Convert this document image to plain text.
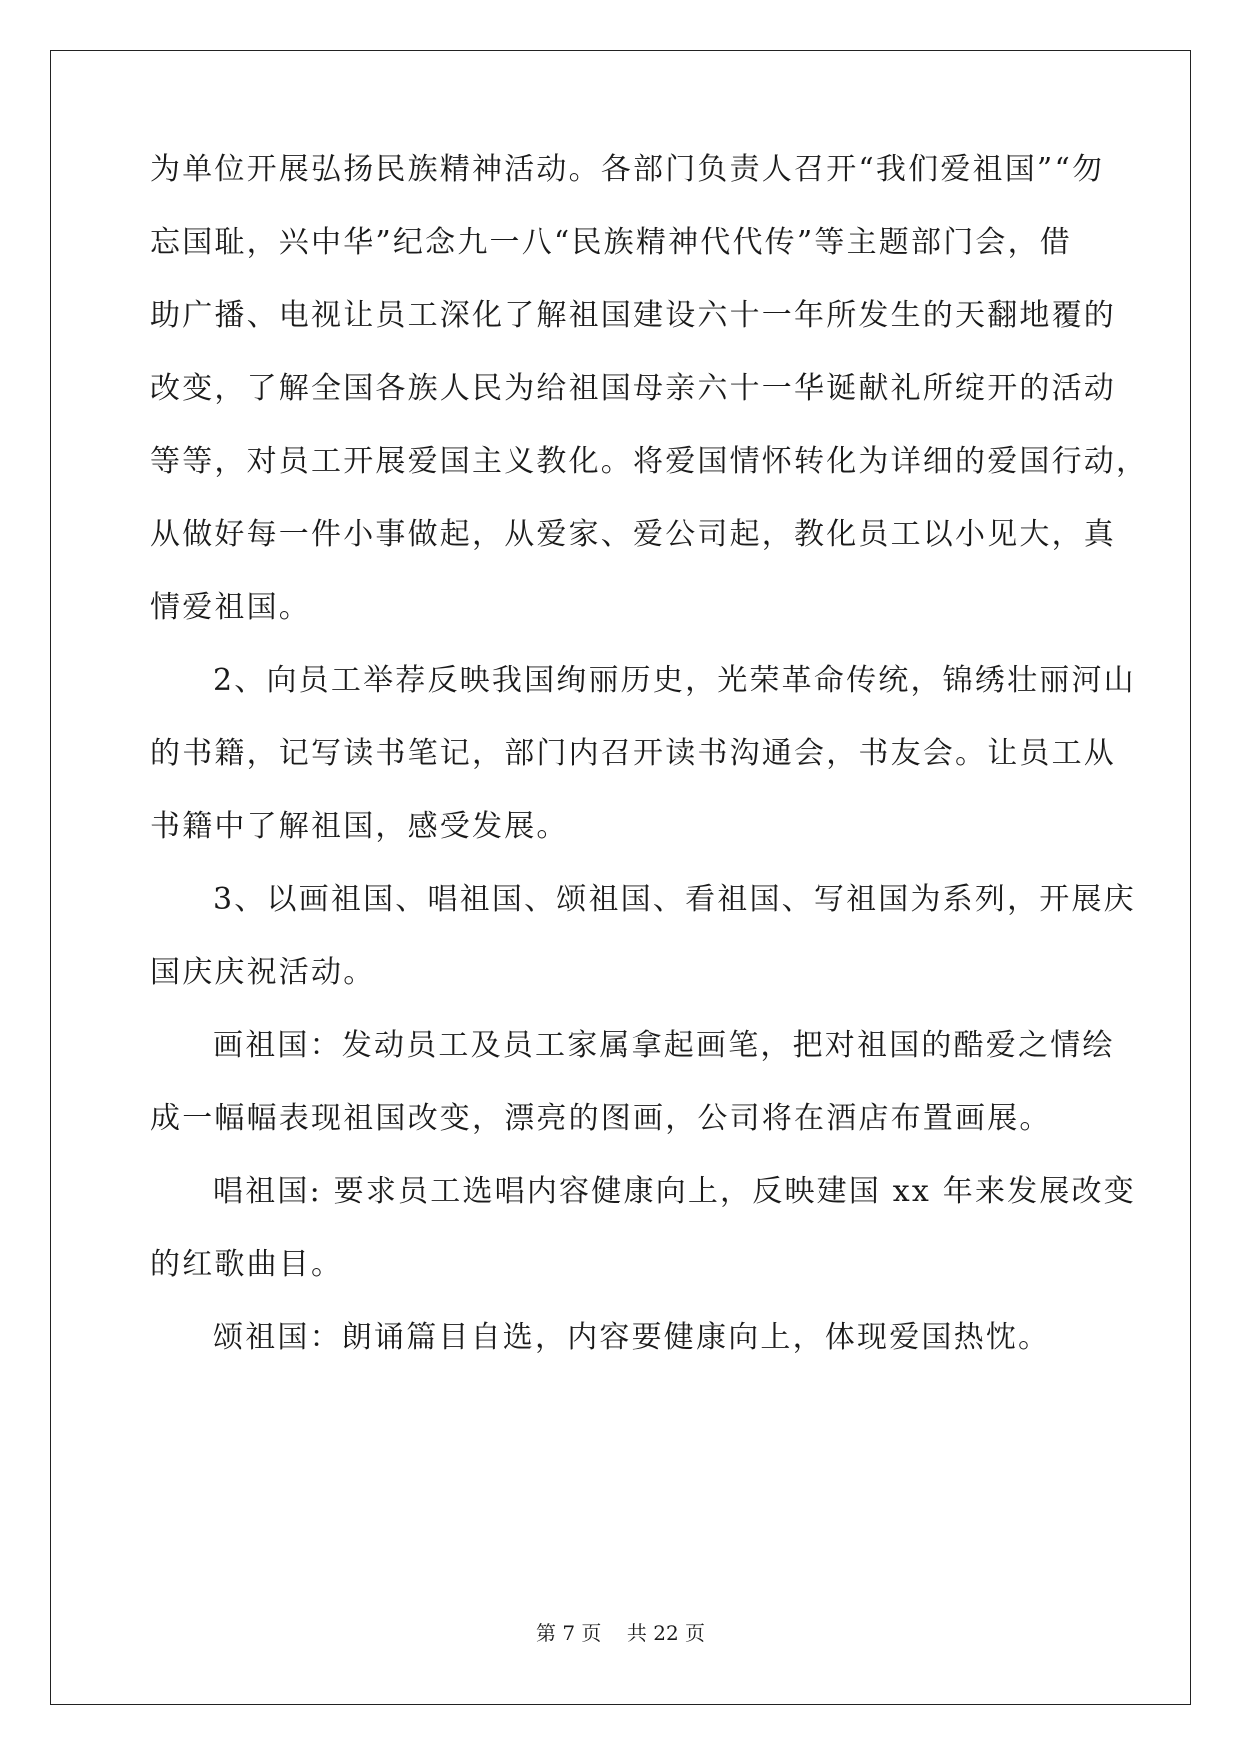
为单位开展弘扬民族精神活动。各部门负责人召开“我们爱祖国”“勿
忘国耻，兴中华”纪念九一八“民族精神代代传”等主题部门会，借
助广播、电视让员工深化了解祖国建设六十一年所发生的天翻地覆的
改变，了解全国各族人民为给祖国母亲六十一华诞献礼所绽开的活动
等等，对员工开展爱国主义教化。将爱国情怀转化为详细的爱国行动，
从做好每一件小事做起，从爱家、爱公司起，教化员工以小见大，真
情爱祖国。
2、向员工举荐反映我国绚丽历史，光荣革命传统，锦绣壮丽河山
的书籍，记写读书笔记，部门内召开读书沟通会，书友会。让员工从
书籍中了解祖国，感受发展。
3、以画祖国、唱祖国、颂祖国、看祖国、写祖国为系列，开展庆
国庆庆祝活动。
画祖国：发动员工及员工家属拿起画笔，把对祖国的酷爱之情绘
成一幅幅表现祖国改变，漂亮的图画，公司将在酒店布置画展。
唱祖国: 要求员工选唱内容健康向上，反映建国 xx 年来发展改变
的红歌曲目。
颂祖国：朗诵篇目自选，内容要健康向上，体现爱国热忱。
第 7 页 共 22 页
